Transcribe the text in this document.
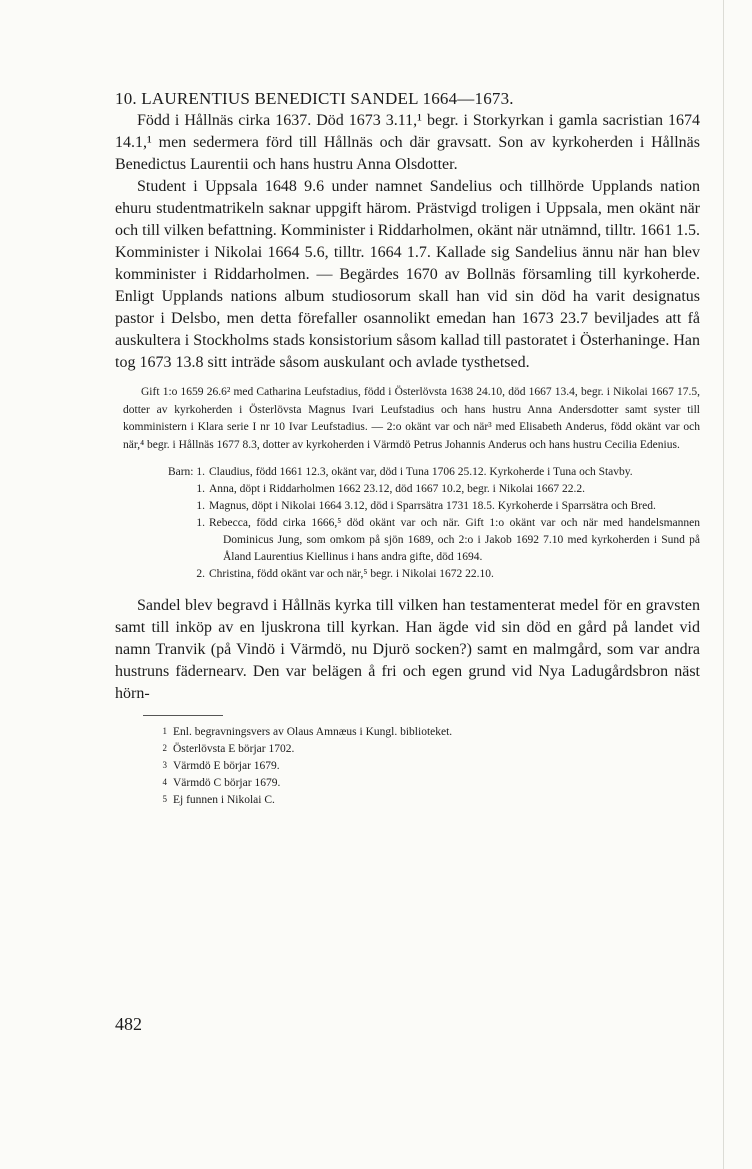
10. LAURENTIUS BENEDICTI SANDEL 1664—1673.

Född i Hållnäs cirka 1637. Död 1673 3.11,¹ begr. i Storkyrkan i gamla sacristian 1674 14.1,¹ men sedermera förd till Hållnäs och där gravsatt. Son av kyrkoherden i Hållnäs Benedictus Laurentii och hans hustru Anna Olsdotter.

Student i Uppsala 1648 9.6 under namnet Sandelius och tillhörde Upplands nation ehuru studentmatrikeln saknar uppgift härom. Prästvigd troligen i Uppsala, men okänt när och till vilken befattning. Komminister i Riddarholmen, okänt när utnämnd, tilltr. 1661 1.5. Komminister i Nikolai 1664 5.6, tilltr. 1664 1.7. Kallade sig Sandelius ännu när han blev komminister i Riddarholmen. — Begärdes 1670 av Bollnäs församling till kyrkoherde. Enligt Upplands nations album studiosorum skall han vid sin död ha varit designatus pastor i Delsbo, men detta förefaller osannolikt emedan han 1673 23.7 beviljades att få auskultera i Stockholms stads konsistorium såsom kallad till pastoratet i Österhaninge. Han tog 1673 13.8 sitt inträde såsom auskulant och avlade tysthetsed.

Gift 1:o 1659 26.6² med Catharina Leufstadius, född i Österlövsta 1638 24.10, död 1667 13.4, begr. i Nikolai 1667 17.5, dotter av kyrkoherden i Österlövsta Magnus Ivari Leufstadius och hans hustru Anna Andersdotter samt syster till komministern i Klara serie I nr 10 Ivar Leufstadius. — 2:o okänt var och när³ med Elisabeth Anderus, född okänt var och när,⁴ begr. i Hållnäs 1677 8.3, dotter av kyrkoherden i Värmdö Petrus Johannis Anderus och hans hustru Cecilia Edenius.

Barn: 1. Claudius, född 1661 12.3, okänt var, död i Tuna 1706 25.12. Kyrkoherde i Tuna och Stavby.
1. Anna, döpt i Riddarholmen 1662 23.12, död 1667 10.2, begr. i Nikolai 1667 22.2.
1. Magnus, döpt i Nikolai 1664 3.12, död i Sparrsätra 1731 18.5. Kyrkoherde i Sparrsätra och Bred.
1. Rebecca, född cirka 1666,⁵ död okänt var och när. Gift 1:o okänt var och när med handelsmannen Dominicus Jung, som omkom på sjön 1689, och 2:o i Jakob 1692 7.10 med kyrkoherden i Sund på Åland Laurentius Kiellinus i hans andra gifte, död 1694.
2. Christina, född okänt var och när,⁵ begr. i Nikolai 1672 22.10.

Sandel blev begravd i Hållnäs kyrka till vilken han testamenterat medel för en gravsten samt till inköp av en ljuskrona till kyrkan. Han ägde vid sin död en gård på landet vid namn Tranvik (på Vindö i Värmdö, nu Djurö socken?) samt en malmgård, som var andra hustruns fädernearv. Den var belägen å fri och egen grund vid Nya Ladugårdsbron näst hörn-

1 Enl. begravningsvers av Olaus Amnæus i Kungl. biblioteket.
2 Österlövsta E börjar 1702.
3 Värmdö E börjar 1679.
4 Värmdö C börjar 1679.
5 Ej funnen i Nikolai C.
482
